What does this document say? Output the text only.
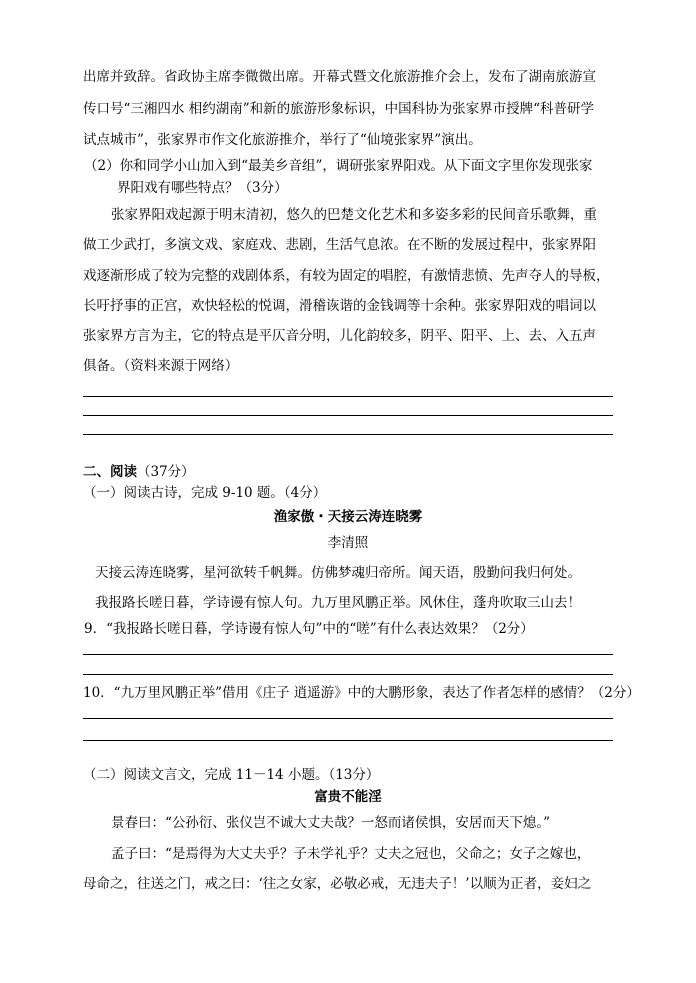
出席并致辞。省政协主席李微微出席。开幕式暨文化旅游推介会上，发布了湖南旅游宣
传口号“三湘四水 相约湖南”和新的旅游形象标识，中国科协为张家界市授牌“科普研学
试点城市”，张家界市作文化旅游推介，举行了“仙境张家界”演出。
（2）你和同学小山加入到“最美乡音组”，调研张家界阳戏。从下面文字里你发现张家
界阳戏有哪些特点？（3分）
张家界阳戏起源于明末清初，悠久的巴楚文化艺术和多姿多彩的民间音乐歌舞，重
做工少武打，多演文戏、家庭戏、悲剧，生活气息浓。在不断的发展过程中，张家界阳
戏逐渐形成了较为完整的戏剧体系，有较为固定的唱腔，有激情悲愤、先声夺人的导板，
长吁抒事的正宫，欢快轻松的悦调，滑稽诙谐的金钱调等十余种。张家界阳戏的唱词以
张家界方言为主，它的特点是平仄音分明，儿化韵较多，阴平、阳平、上、去、入五声
俱备。（资料来源于网络）
二、阅读（37分）
（一）阅读古诗，完成 9-10 题。（4分）
渔家傲・天接云涛连晓雾
李清照
天接云涛连晓雾，星河欲转千帆舞。仿佛梦魂归帝所。闻天语，殷勤问我归何处。
我报路长嗟日暮，学诗谩有惊人句。九万里风鹏正举。风休住，蓬舟吹取三山去！
9．“我报路长嗟日暮，学诗谩有惊人句”中的“嗟”有什么表达效果？（2分）
10．“九万里风鹏正举”借用《庄子 逍遥游》中的大鹏形象，表达了作者怎样的感情？（2分）
（二）阅读文言文，完成 11－14 小题。（13分）
富贵不能淫
景春曰：“公孙衍、张仪岂不诚大丈夫哉？一怒而诸侯惧，安居而天下熄。”
孟子曰：“是焉得为大丈夫乎？子未学礼乎？丈夫之冠也，父命之；女子之嫁也，
母命之，往送之门，戒之曰：‘往之女家，必敬必戒，无违夫子！’以顺为正者，妾妇之
